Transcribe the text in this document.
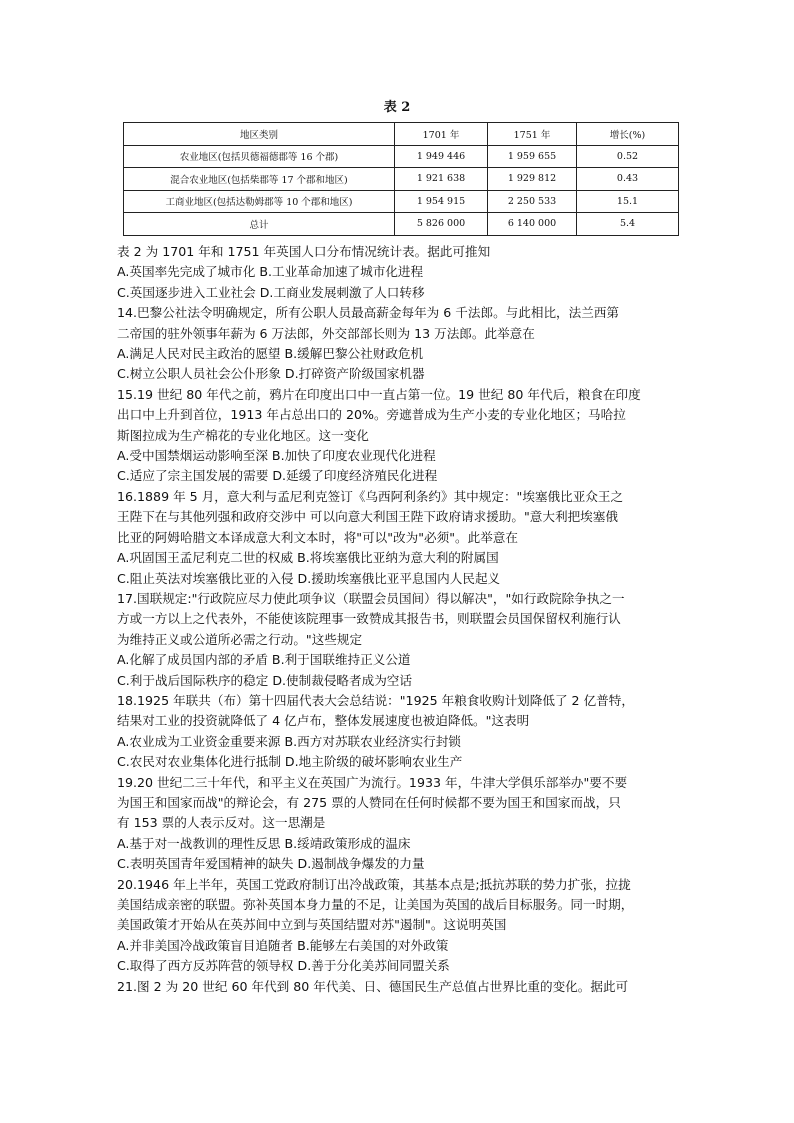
表 2
地区类别	1701 年	1751 年	增长(%)
农业地区(包括贝德福德郡等 16 个郡)	1 949 446	1 959 655	0.52
混合农业地区(包括柴郡等 17 个郡和地区)	1 921 638	1 929 812	0.43
工商业地区(包括达勒姆郡等 10 个郡和地区)	1 954 915	2 250 533	15.1
总计	5 826 000	6 140 000	5.4

表 2 为 1701 年和 1751 年英国人口分布情况统计表。据此可推知

A.英国率先完成了城市化 B.工业革命加速了城市化进程

C.英国逐步进入工业社会 D.工商业发展刺激了人口转移

14.巴黎公社法令明确规定，所有公职人员最高薪金每年为 6 千法郎。与此相比，法兰西第

二帝国的驻外领事年薪为 6 万法郎，外交部部长则为 13 万法郎。此举意在

A.满足人民对民主政治的愿望 B.缓解巴黎公社财政危机

C.树立公职人员社会公仆形象 D.打碎资产阶级国家机器

15.19 世纪 80 年代之前，鸦片在印度出口中一直占第一位。19 世纪 80 年代后，粮食在印度

出口中上升到首位，1913 年占总出口的 20%。旁遮普成为生产小麦的专业化地区；马哈拉

斯图拉成为生产棉花的专业化地区。这一变化

A.受中国禁烟运动影响至深 B.加快了印度农业现代化进程

C.适应了宗主国发展的需要 D.延缓了印度经济殖民化进程

16.1889 年 5 月，意大利与孟尼利克签订《乌西阿利条约》其中规定："埃塞俄比亚众王之

王陛下在与其他列强和政府交涉中 可以向意大利国王陛下政府请求援助。"意大利把埃塞俄

比亚的阿姆哈腊文本译成意大利文本时，将"可以"改为"必须"。此举意在

A.巩固国王孟尼利克二世的权威 B.将埃塞俄比亚纳为意大利的附属国

C.阻止英法对埃塞俄比亚的入侵 D.援助埃塞俄比亚平息国内人民起义

17.国联规定:"行政院应尽力使此项争议（联盟会员国间）得以解决"，"如行政院除争执之一

方或一方以上之代表外，不能使该院理事一致赞成其报告书，则联盟会员国保留权利施行认

为维持正义或公道所必需之行动。"这些规定

A.化解了成员国内部的矛盾 B.利于国联维持正义公道

C.利于战后国际秩序的稳定 D.使制裁侵略者成为空话

18.1925 年联共（布）第十四届代表大会总结说："1925 年粮食收购计划降低了 2 亿普特，

结果对工业的投资就降低了 4 亿卢布，整体发展速度也被迫降低。"这表明

A.农业成为工业资金重要来源 B.西方对苏联农业经济实行封锁

C.农民对农业集体化进行抵制 D.地主阶级的破坏影响农业生产

19.20 世纪二三十年代，和平主义在英国广为流行。1933 年，牛津大学俱乐部举办"要不要

为国王和国家而战"的辩论会，有 275 票的人赞同在任何时候都不要为国王和国家而战，只

有 153 票的人表示反对。这一思潮是

A.基于对一战教训的理性反思 B.绥靖政策形成的温床

C.表明英国青年爱国精神的缺失 D.遏制战争爆发的力量

20.1946 年上半年，英国工党政府制订出冷战政策，其基本点是;抵抗苏联的势力扩张，拉拢

美国结成亲密的联盟。弥补英国本身力量的不足，让美国为英国的战后目标服务。同一时期，

美国政策才开始从在英苏间中立到与英国结盟对苏"遏制"。这说明英国

A.并非美国冷战政策盲目追随者 B.能够左右美国的对外政策

C.取得了西方反苏阵营的领导权 D.善于分化美苏间同盟关系

21.图 2 为 20 世纪 60 年代到 80 年代美、日、德国民生产总值占世界比重的变化。据此可
